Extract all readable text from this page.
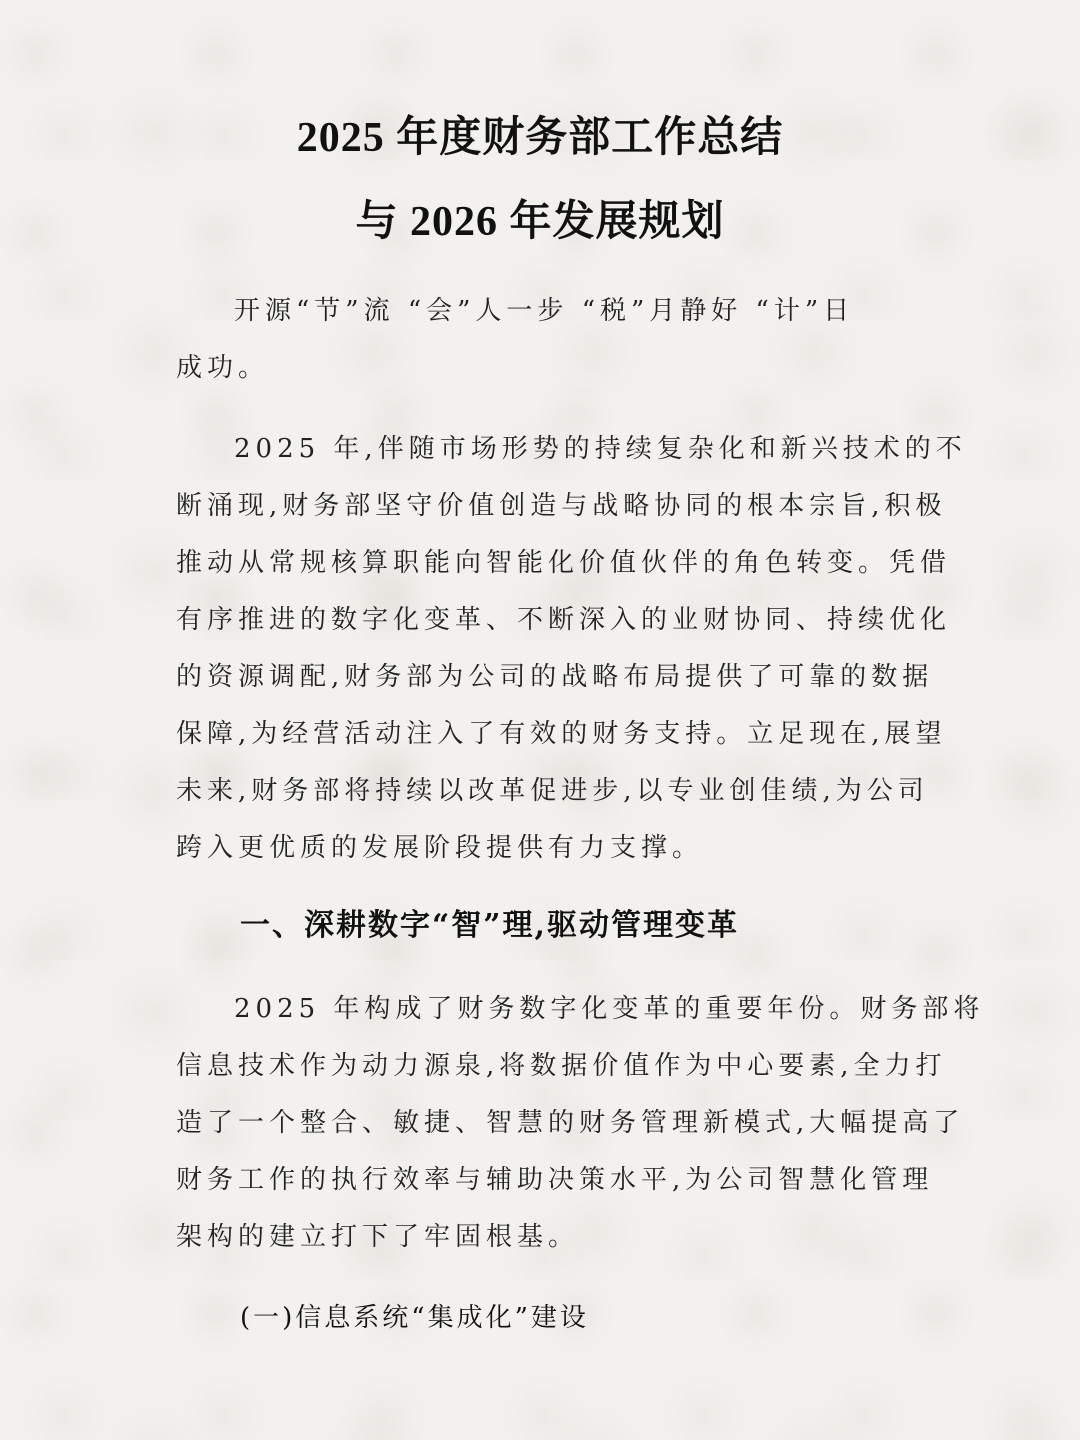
2025 年度财务部工作总结
与 2026 年发展规划
开源“节”流 “会”人一步 “税”月静好 “计”日
成功。
2025 年,伴随市场形势的持续复杂化和新兴技术的不
断涌现,财务部坚守价值创造与战略协同的根本宗旨,积极
推动从常规核算职能向智能化价值伙伴的角色转变。凭借
有序推进的数字化变革、不断深入的业财协同、持续优化
的资源调配,财务部为公司的战略布局提供了可靠的数据
保障,为经营活动注入了有效的财务支持。立足现在,展望
未来,财务部将持续以改革促进步,以专业创佳绩,为公司
跨入更优质的发展阶段提供有力支撑。
一、深耕数字“智”理,驱动管理变革
2025 年构成了财务数字化变革的重要年份。财务部将
信息技术作为动力源泉,将数据价值作为中心要素,全力打
造了一个整合、敏捷、智慧的财务管理新模式,大幅提高了
财务工作的执行效率与辅助决策水平,为公司智慧化管理
架构的建立打下了牢固根基。
(一)信息系统“集成化”建设
